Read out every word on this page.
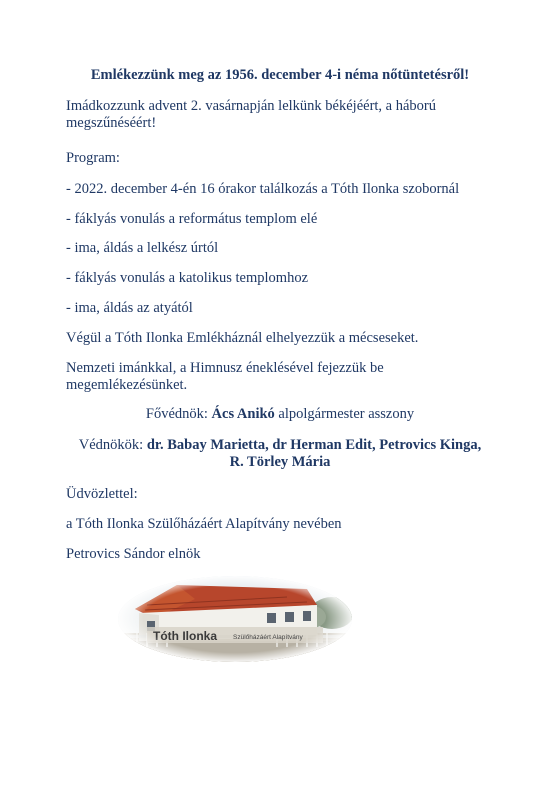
Emlékezzünk meg az 1956. december 4-i néma nőtüntetésről!
Imádkozzunk advent 2. vasárnapján lelkünk békéjéért, a háború megszűnéséért!
Program:
- 2022. december 4-én 16 órakor találkozás a Tóth Ilonka szobornál
- fáklyás vonulás a református templom elé
- ima, áldás a lelkész úrtól
- fáklyás vonulás a katolikus templomhoz
- ima, áldás az atyától
Végül a Tóth Ilonka Emlékháznál elhelyezzük a mécseseket.
Nemzeti imánkkal, a Himnusz éneklésével fejezzük be megemlékezésünket.
Fővédnök: Ács Anikó alpolgármester asszony
Védnökök: dr. Babay Marietta, dr Herman Edit, Petrovics Kinga,
R. Törley Mária
Üdvözlettel:
a Tóth Ilonka Szülőházáért Alapítvány nevében
Petrovics Sándor elnök
